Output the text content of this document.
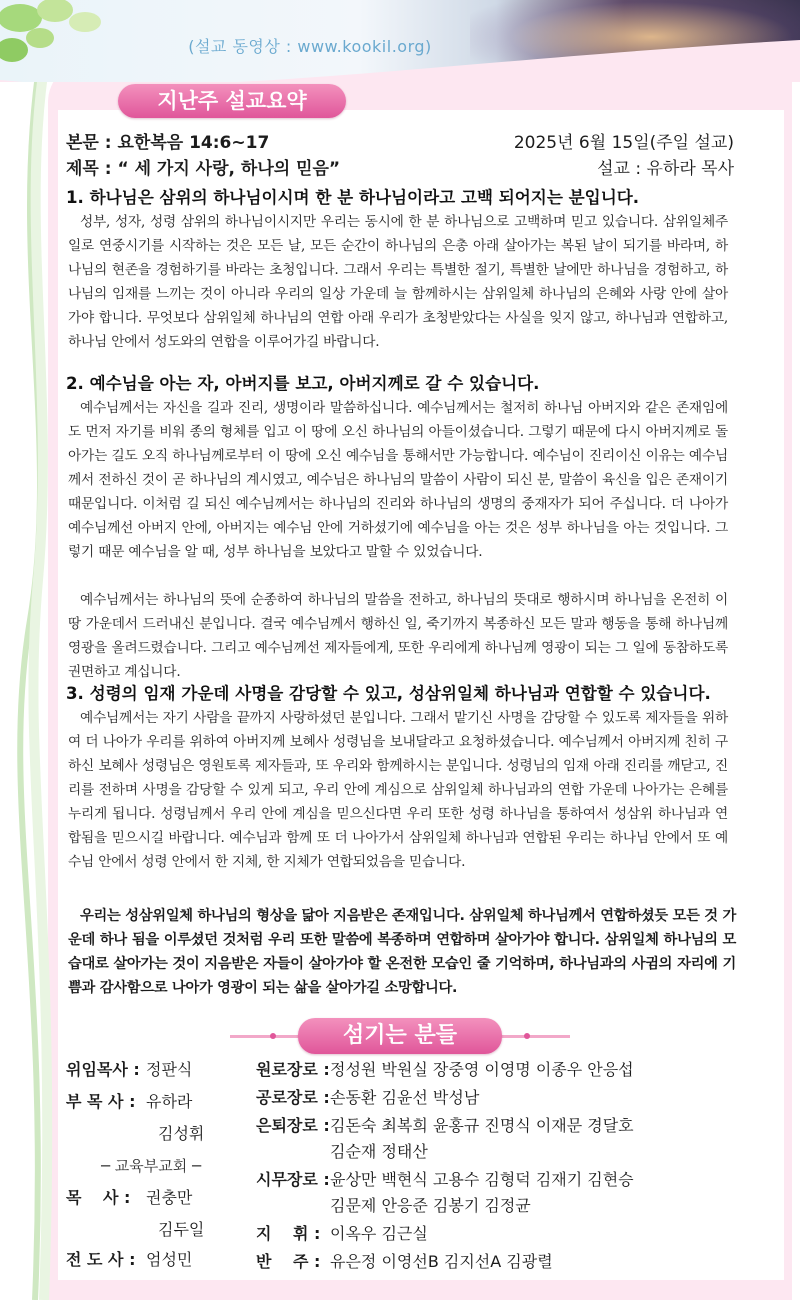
(설교 동영상 : www.kookil.org)
지난주 설교요약
본문 : 요한복음 14:6~17	2025년 6월 15일(주일 설교)
제목 : “ 세 가지 사랑, 하나의 믿음”	설교 : 유하라 목사
1. 하나님은 삼위의 하나님이시며 한 분 하나님이라고 고백 되어지는 분입니다.
성부, 성자, 성령 삼위의 하나님이시지만 우리는 동시에 한 분 하나님으로 고백하며 믿고 있습니다. 삼위일체주일로 연중시기를 시작하는 것은 모든 날, 모든 순간이 하나님의 은총 아래 살아가는 복된 날이 되기를 바라며, 하나님의 현존을 경험하기를 바라는 초청입니다. 그래서 우리는 특별한 절기, 특별한 날에만 하나님을 경험하고, 하나님의 임재를 느끼는 것이 아니라 우리의 일상 가운데 늘 함께하시는 삼위일체 하나님의 은혜와 사랑 안에 살아가야 합니다. 무엇보다 삼위일체 하나님의 연합 아래 우리가 초청받았다는 사실을 잊지 않고, 하나님과 연합하고, 하나님 안에서 성도와의 연합을 이루어가길 바랍니다.
2. 예수님을 아는 자, 아버지를 보고, 아버지께로 갈 수 있습니다.
예수님께서는 자신을 길과 진리, 생명이라 말씀하십니다. 예수님께서는 철저히 하나님 아버지와 같은 존재임에도 먼저 자기를 비워 종의 형체를 입고 이 땅에 오신 하나님의 아들이셨습니다. 그렇기 때문에 다시 아버지께로 돌아가는 길도 오직 하나님께로부터 이 땅에 오신 예수님을 통해서만 가능합니다. 예수님이 진리이신 이유는 예수님께서 전하신 것이 곧 하나님의 계시였고, 예수님은 하나님의 말씀이 사람이 되신 분, 말씀이 육신을 입은 존재이기 때문입니다. 이처럼 길 되신 예수님께서는 하나님의 진리와 하나님의 생명의 중재자가 되어 주십니다. 더 나아가 예수님께선 아버지 안에, 아버지는 예수님 안에 거하셨기에 예수님을 아는 것은 성부 하나님을 아는 것입니다. 그렇기 때문 예수님을 알 때, 성부 하나님을 보았다고 말할 수 있었습니다.
예수님께서는 하나님의 뜻에 순종하여 하나님의 말씀을 전하고, 하나님의 뜻대로 행하시며 하나님을 온전히 이 땅 가운데서 드러내신 분입니다. 결국 예수님께서 행하신 일, 죽기까지 복종하신 모든 말과 행동을 통해 하나님께 영광을 올려드렸습니다. 그리고 예수님께선 제자들에게, 또한 우리에게 하나님께 영광이 되는 그 일에 동참하도록 권면하고 계십니다.
3. 성령의 임재 가운데 사명을 감당할 수 있고, 성삼위일체 하나님과 연합할 수 있습니다.
예수님께서는 자기 사람을 끝까지 사랑하셨던 분입니다. 그래서 맡기신 사명을 감당할 수 있도록 제자들을 위하여 더 나아가 우리를 위하여 아버지께 보혜사 성령님을 보내달라고 요청하셨습니다. 예수님께서 아버지께 친히 구하신 보혜사 성령님은 영원토록 제자들과, 또 우리와 함께하시는 분입니다. 성령님의 임재 아래 진리를 깨닫고, 진리를 전하며 사명을 감당할 수 있게 되고, 우리 안에 계심으로 삼위일체 하나님과의 연합 가운데 나아가는 은혜를 누리게 됩니다. 성령님께서 우리 안에 계심을 믿으신다면 우리 또한 성령 하나님을 통하여서 성삼위 하나님과 연합됨을 믿으시길 바랍니다. 예수님과 함께 또 더 나아가서 삼위일체 하나님과 연합된 우리는 하나님 안에서 또 예수님 안에서 성령 안에서 한 지체, 한 지체가 연합되었음을 믿습니다.
우리는 성삼위일체 하나님의 형상을 닮아 지음받은 존재입니다. 삼위일체 하나님께서 연합하셨듯 모든 것 가운데 하나 됨을 이루셨던 것처럼 우리 또한 말씀에 복종하며 연합하며 살아가야 합니다. 삼위일체 하나님의 모습대로 살아가는 것이 지음받은 자들이 살아가야 할 온전한 모습인 줄 기억하며, 하나님과의 사귐의 자리에 기쁨과 감사함으로 나아가 영광이 되는 삶을 살아가길 소망합니다.
섬기는 분들
위임목사 : 정판식
부 목 사 : 유하라
김성휘
─ 교육부교회 ─
목　 사 : 권충만
김두일
전 도 사 : 엄성민
원로장로 : 정성원 박원실 장중영 이영명 이종우 안응섭
공로장로 : 손동환 김윤선 박성남
은퇴장로 : 김돈숙 최복희 윤홍규 진명식 이재문 경달호
김순재 정태산
시무장로 : 윤상만 백현식 고용수 김형덕 김재기 김현승
김문제 안응준 김봉기 김정균
지　 휘 : 이옥우 김근실
반　 주 : 유은정 이영선B 김지선A 김광렬
